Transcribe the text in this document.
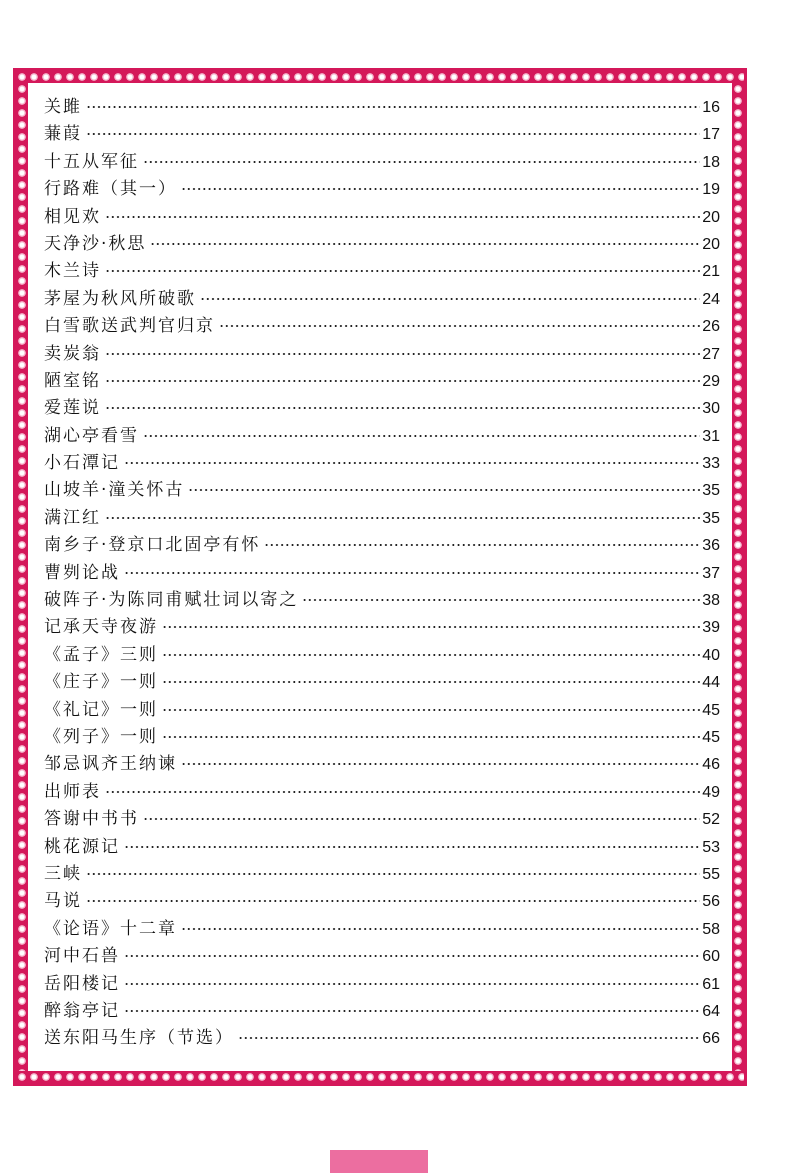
关雎	16
蒹葭	17
十五从军征	18
行路难（其一）	19
相见欢	20
天净沙·秋思	20
木兰诗	21
茅屋为秋风所破歌	24
白雪歌送武判官归京	26
卖炭翁	27
陋室铭	29
爱莲说	30
湖心亭看雪	31
小石潭记	33
山坡羊·潼关怀古	35
满江红	35
南乡子·登京口北固亭有怀	36
曹刿论战	37
破阵子·为陈同甫赋壮词以寄之	38
记承天寺夜游	39
《孟子》三则	40
《庄子》一则	44
《礼记》一则	45
《列子》一则	45
邹忌讽齐王纳谏	46
出师表	49
答谢中书书	52
桃花源记	53
三峡	55
马说	56
《论语》十二章	58
河中石兽	60
岳阳楼记	61
醉翁亭记	64
送东阳马生序（节选）	66
